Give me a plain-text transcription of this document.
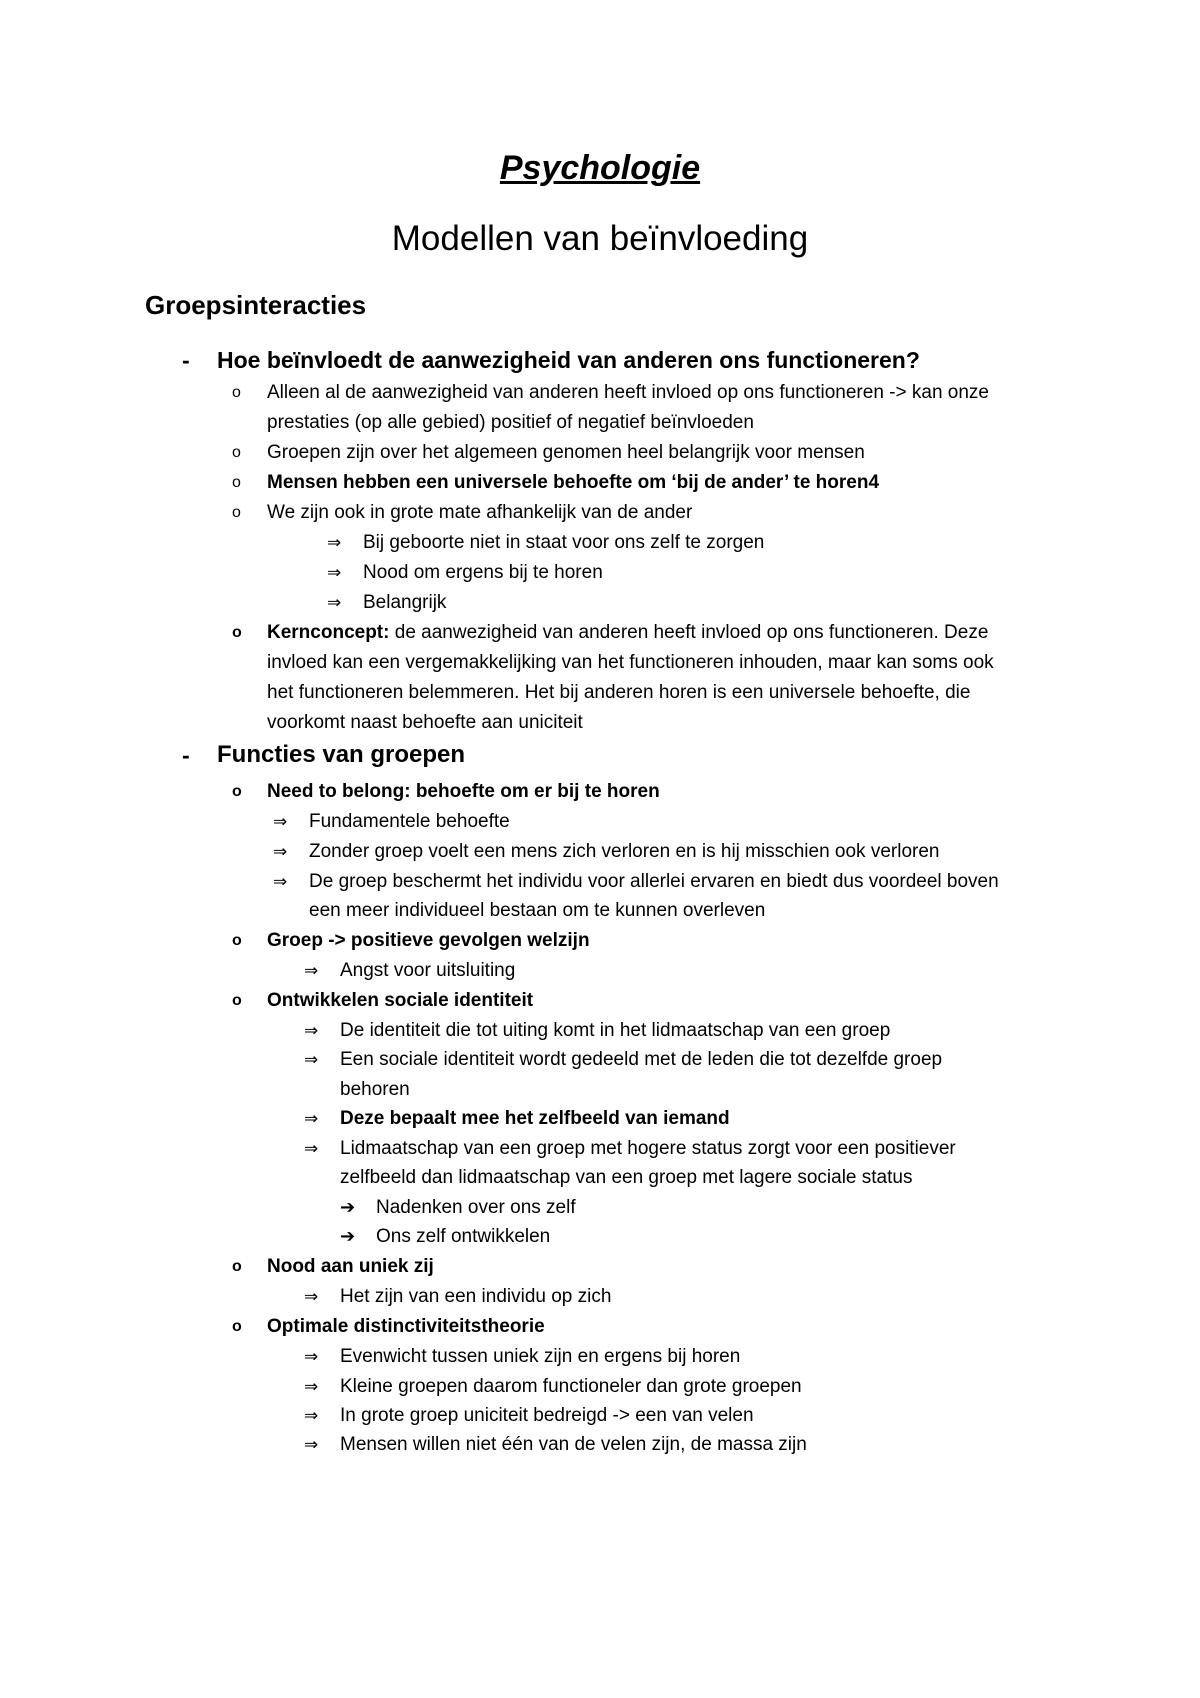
Psychologie
Modellen van beïnvloeding
Groepsinteracties
- Hoe beïnvloedt de aanwezigheid van anderen ons functioneren?
o Alleen al de aanwezigheid van anderen heeft invloed op ons functioneren -> kan onze
prestaties (op alle gebied) positief of negatief beïnvloeden
o Groepen zijn over het algemeen genomen heel belangrijk voor mensen
o Mensen hebben een universele behoefte om ‘bij de ander’ te horen4
o We zijn ook in grote mate afhankelijk van de ander
⇒ Bij geboorte niet in staat voor ons zelf te zorgen
⇒ Nood om ergens bij te horen
⇒ Belangrijk
o Kernconcept: de aanwezigheid van anderen heeft invloed op ons functioneren. Deze
invloed kan een vergemakkelijking van het functioneren inhouden, maar kan soms ook
het functioneren belemmeren. Het bij anderen horen is een universele behoefte, die
voorkomt naast behoefte aan uniciteit
- Functies van groepen
o Need to belong: behoefte om er bij te horen
⇒ Fundamentele behoefte
⇒ Zonder groep voelt een mens zich verloren en is hij misschien ook verloren
⇒ De groep beschermt het individu voor allerlei ervaren en biedt dus voordeel boven
een meer individueel bestaan om te kunnen overleven
o Groep -> positieve gevolgen welzijn
⇒ Angst voor uitsluiting
o Ontwikkelen sociale identiteit
⇒ De identiteit die tot uiting komt in het lidmaatschap van een groep
⇒ Een sociale identiteit wordt gedeeld met de leden die tot dezelfde groep
behoren
⇒ Deze bepaalt mee het zelfbeeld van iemand
⇒ Lidmaatschap van een groep met hogere status zorgt voor een positiever
zelfbeeld dan lidmaatschap van een groep met lagere sociale status
➔ Nadenken over ons zelf
➔ Ons zelf ontwikkelen
o Nood aan uniek zij
⇒ Het zijn van een individu op zich
o Optimale distinctiviteitstheorie
⇒ Evenwicht tussen uniek zijn en ergens bij horen
⇒ Kleine groepen daarom functioneler dan grote groepen
⇒ In grote groep uniciteit bedreigd -> een van velen
⇒ Mensen willen niet één van de velen zijn, de massa zijn
